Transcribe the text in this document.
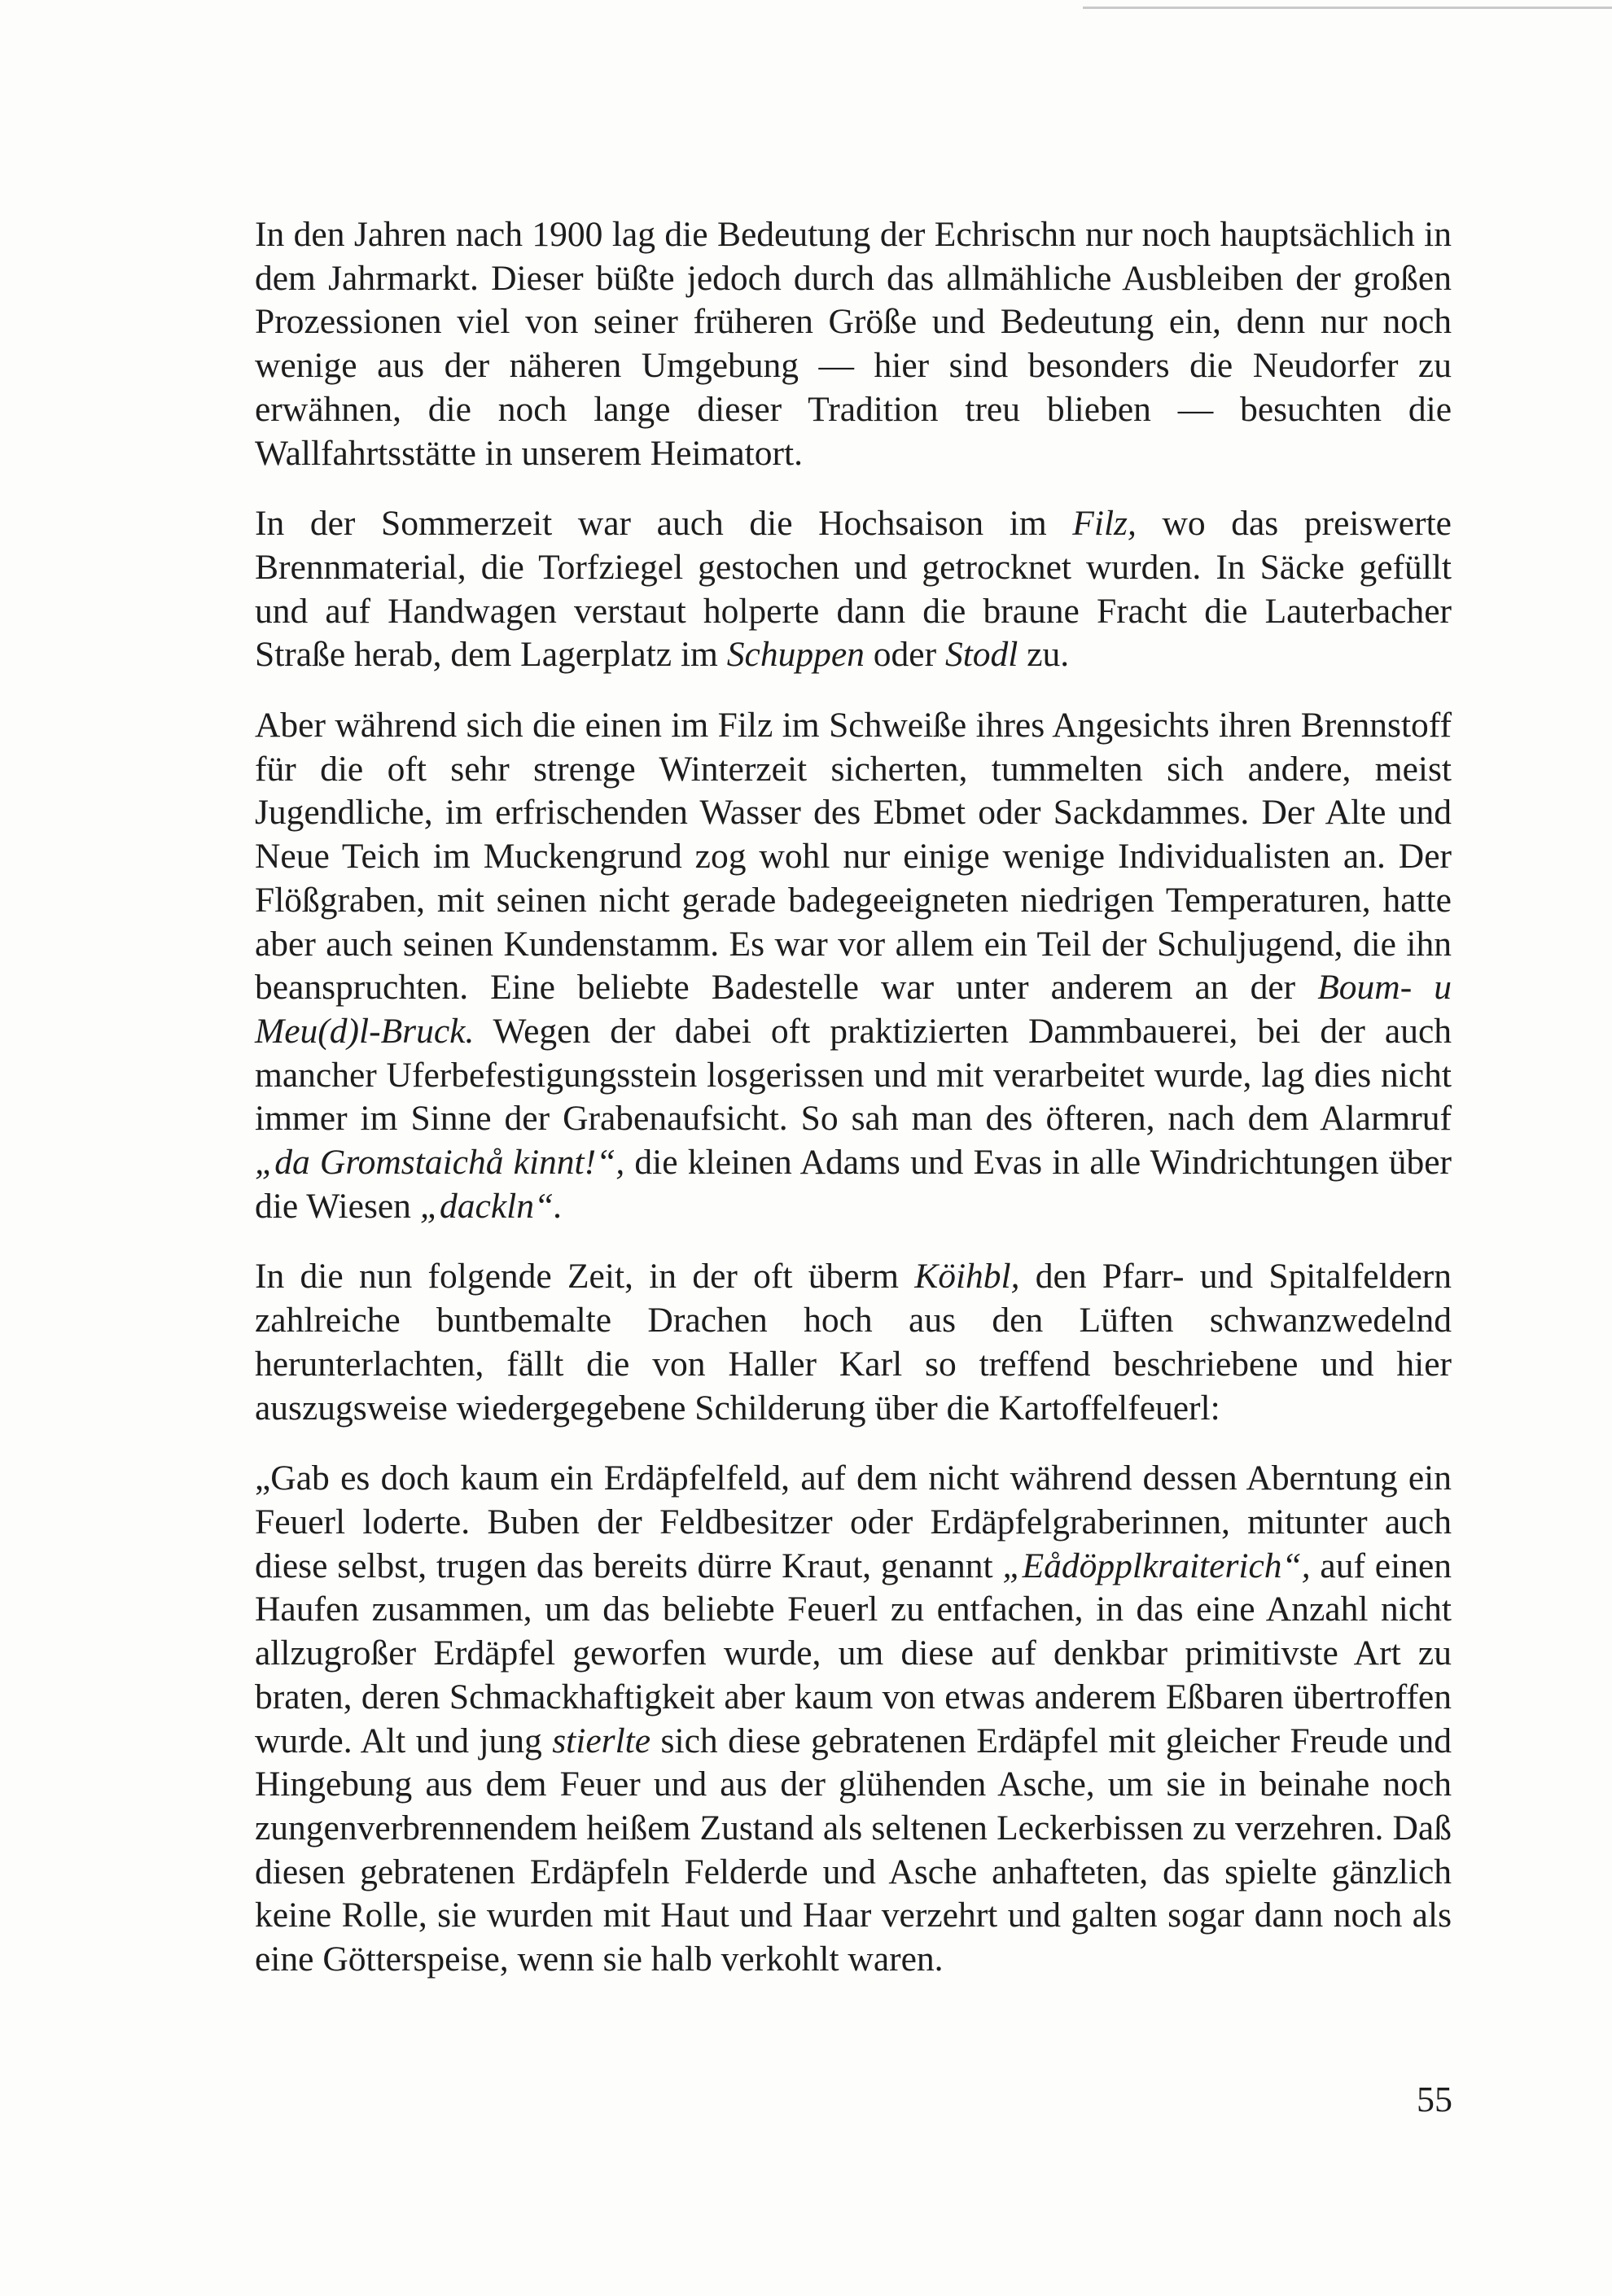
In den Jahren nach 1900 lag die Bedeutung der Echrischn nur noch hauptsächlich in dem Jahrmarkt. Dieser büßte jedoch durch das allmähliche Ausbleiben der großen Prozessionen viel von seiner früheren Größe und Bedeutung ein, denn nur noch wenige aus der näheren Umgebung — hier sind besonders die Neudorfer zu erwähnen, die noch lange dieser Tradition treu blieben — besuchten die Wallfahrtsstätte in unserem Heimatort.

In der Sommerzeit war auch die Hochsaison im Filz, wo das preiswerte Brennmaterial, die Torfziegel gestochen und getrocknet wurden. In Säcke gefüllt und auf Handwagen verstaut holperte dann die braune Fracht die Lauterbacher Straße herab, dem Lagerplatz im Schuppen oder Stodl zu.

Aber während sich die einen im Filz im Schweiße ihres Angesichts ihren Brennstoff für die oft sehr strenge Winterzeit sicherten, tummelten sich andere, meist Jugendliche, im erfrischenden Wasser des Ebmet oder Sackdammes. Der Alte und Neue Teich im Muckengrund zog wohl nur einige wenige Individualisten an. Der Flößgraben, mit seinen nicht gerade badegeeigneten niedrigen Temperaturen, hatte aber auch seinen Kundenstamm. Es war vor allem ein Teil der Schuljugend, die ihn beanspruchten. Eine beliebte Badestelle war unter anderem an der Boum- u Meu(d)l-Bruck. Wegen der dabei oft praktizierten Dammbauerei, bei der auch mancher Uferbefestigungsstein losgerissen und mit verarbeitet wurde, lag dies nicht immer im Sinne der Grabenaufsicht. So sah man des öfteren, nach dem Alarmruf „da Gromstaichå kinnt!“, die kleinen Adams und Evas in alle Windrichtungen über die Wiesen „dackln“.

In die nun folgende Zeit, in der oft überm Köihbl, den Pfarr- und Spitalfeldern zahlreiche buntbemalte Drachen hoch aus den Lüften schwanzwedelnd herunterlachten, fällt die von Haller Karl so treffend beschriebene und hier auszugsweise wiedergegebene Schilderung über die Kartoffelfeuerl:

„Gab es doch kaum ein Erdäpfelfeld, auf dem nicht während dessen Aberntung ein Feuerl loderte. Buben der Feldbesitzer oder Erdäpfelgraberinnen, mitunter auch diese selbst, trugen das bereits dürre Kraut, genannt „Eådöpplkraiterich“, auf einen Haufen zusammen, um das beliebte Feuerl zu entfachen, in das eine Anzahl nicht allzugroßer Erdäpfel geworfen wurde, um diese auf denkbar primitivste Art zu braten, deren Schmackhaftigkeit aber kaum von etwas anderem Eßbaren übertroffen wurde. Alt und jung stierlte sich diese gebratenen Erdäpfel mit gleicher Freude und Hingebung aus dem Feuer und aus der glühenden Asche, um sie in beinahe noch zungenverbrennendem heißem Zustand als seltenen Leckerbissen zu verzehren. Daß diesen gebratenen Erdäpfeln Felderde und Asche anhafteten, das spielte gänzlich keine Rolle, sie wurden mit Haut und Haar verzehrt und galten sogar dann noch als eine Götterspeise, wenn sie halb verkohlt waren.

55
